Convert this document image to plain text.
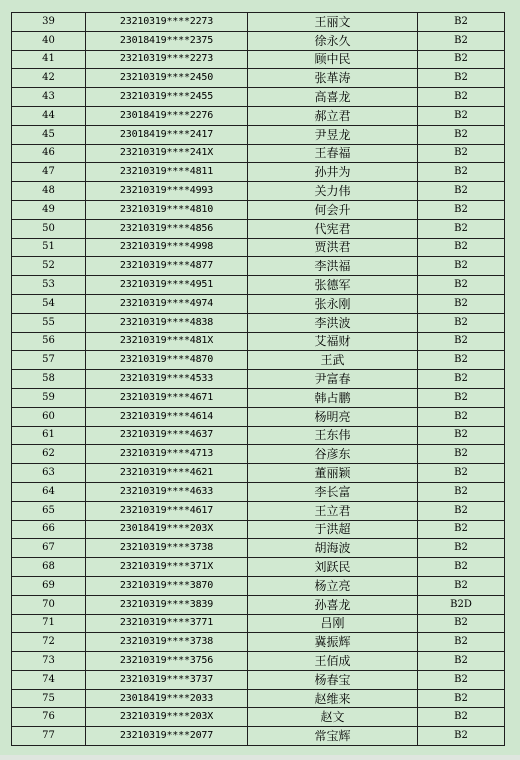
39	23210319****2273	王丽文	B2
40	23018419****2375	徐永久	B2
41	23210319****2273	顾中民	B2
42	23210319****2450	张革涛	B2
43	23210319****2455	高喜龙	B2
44	23018419****2276	郝立君	B2
45	23018419****2417	尹昱龙	B2
46	23210319****241X	王春福	B2
47	23210319****4811	孙井为	B2
48	23210319****4993	关力伟	B2
49	23210319****4810	何会升	B2
50	23210319****4856	代宪君	B2
51	23210319****4998	贾洪君	B2
52	23210319****4877	李洪福	B2
53	23210319****4951	张德军	B2
54	23210319****4974	张永刚	B2
55	23210319****4838	李洪波	B2
56	23210319****481X	艾福财	B2
57	23210319****4870	王武	B2
58	23210319****4533	尹富春	B2
59	23210319****4671	韩占鹏	B2
60	23210319****4614	杨明亮	B2
61	23210319****4637	王东伟	B2
62	23210319****4713	谷彦东	B2
63	23210319****4621	董丽颖	B2
64	23210319****4633	李长富	B2
65	23210319****4617	王立君	B2
66	23018419****203X	于洪超	B2
67	23210319****3738	胡海波	B2
68	23210319****371X	刘跃民	B2
69	23210319****3870	杨立亮	B2
70	23210319****3839	孙喜龙	B2D
71	23210319****3771	吕刚	B2
72	23210319****3738	冀振辉	B2
73	23210319****3756	王佰成	B2
74	23210319****3737	杨春宝	B2
75	23018419****2033	赵维来	B2
76	23210319****203X	赵文	B2
77	23210319****2077	常宝辉	B2
